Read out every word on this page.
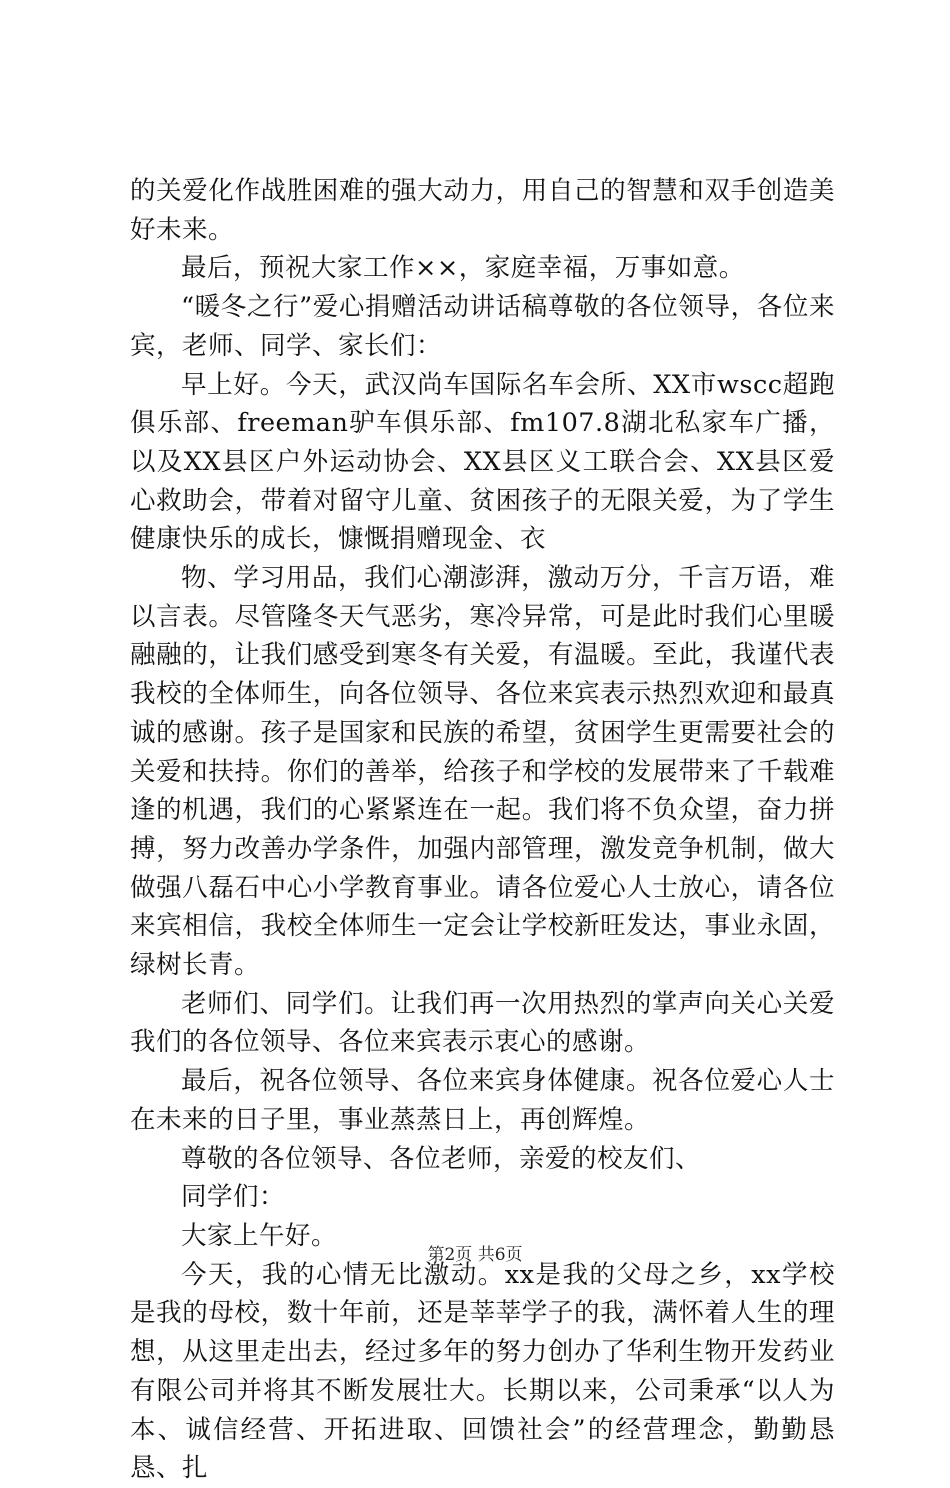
的关爱化作战胜困难的强大动力，用自己的智慧和双手创造美好未来。

最后，预祝大家工作××，家庭幸福，万事如意。

“暖冬之行”爱心捐赠活动讲话稿尊敬的各位领导，各位来宾，老师、同学、家长们：

早上好。今天，武汉尚车国际名车会所、XX市wscc超跑俱乐部、freeman驴车俱乐部、fm107.8湖北私家车广播，以及XX县区户外运动协会、XX县区义工联合会、XX县区爱心救助会，带着对留守儿童、贫困孩子的无限关爱，为了学生健康快乐的成长，慷慨捐赠现金、衣

物、学习用品，我们心潮澎湃，激动万分，千言万语，难以言表。尽管隆冬天气恶劣，寒冷异常，可是此时我们心里暖融融的，让我们感受到寒冬有关爱，有温暖。至此，我谨代表我校的全体师生，向各位领导、各位来宾表示热烈欢迎和最真诚的感谢。孩子是国家和民族的希望，贫困学生更需要社会的关爱和扶持。你们的善举，给孩子和学校的发展带来了千载难逢的机遇，我们的心紧紧连在一起。我们将不负众望，奋力拼搏，努力改善办学条件，加强内部管理，激发竞争机制，做大做强八磊石中心小学教育事业。请各位爱心人士放心，请各位来宾相信，我校全体师生一定会让学校新旺发达，事业永固，绿树长青。

老师们、同学们。让我们再一次用热烈的掌声向关心关爱我们的各位领导、各位来宾表示衷心的感谢。

最后，祝各位领导、各位来宾身体健康。祝各位爱心人士在未来的日子里，事业蒸蒸日上，再创辉煌。

尊敬的各位领导、各位老师，亲爱的校友们、

同学们：

大家上午好。

今天，我的心情无比激动。xx是我的父母之乡，xx学校是我的母校，数十年前，还是莘莘学子的我，满怀着人生的理想，从这里走出去，经过多年的努力创办了华利生物开发药业有限公司并将其不断发展壮大。长期以来，公司秉承“以人为本、诚信经营、开拓进取、回馈社会”的经营理念，勤勤恳恳、扎

第2页 共6页
